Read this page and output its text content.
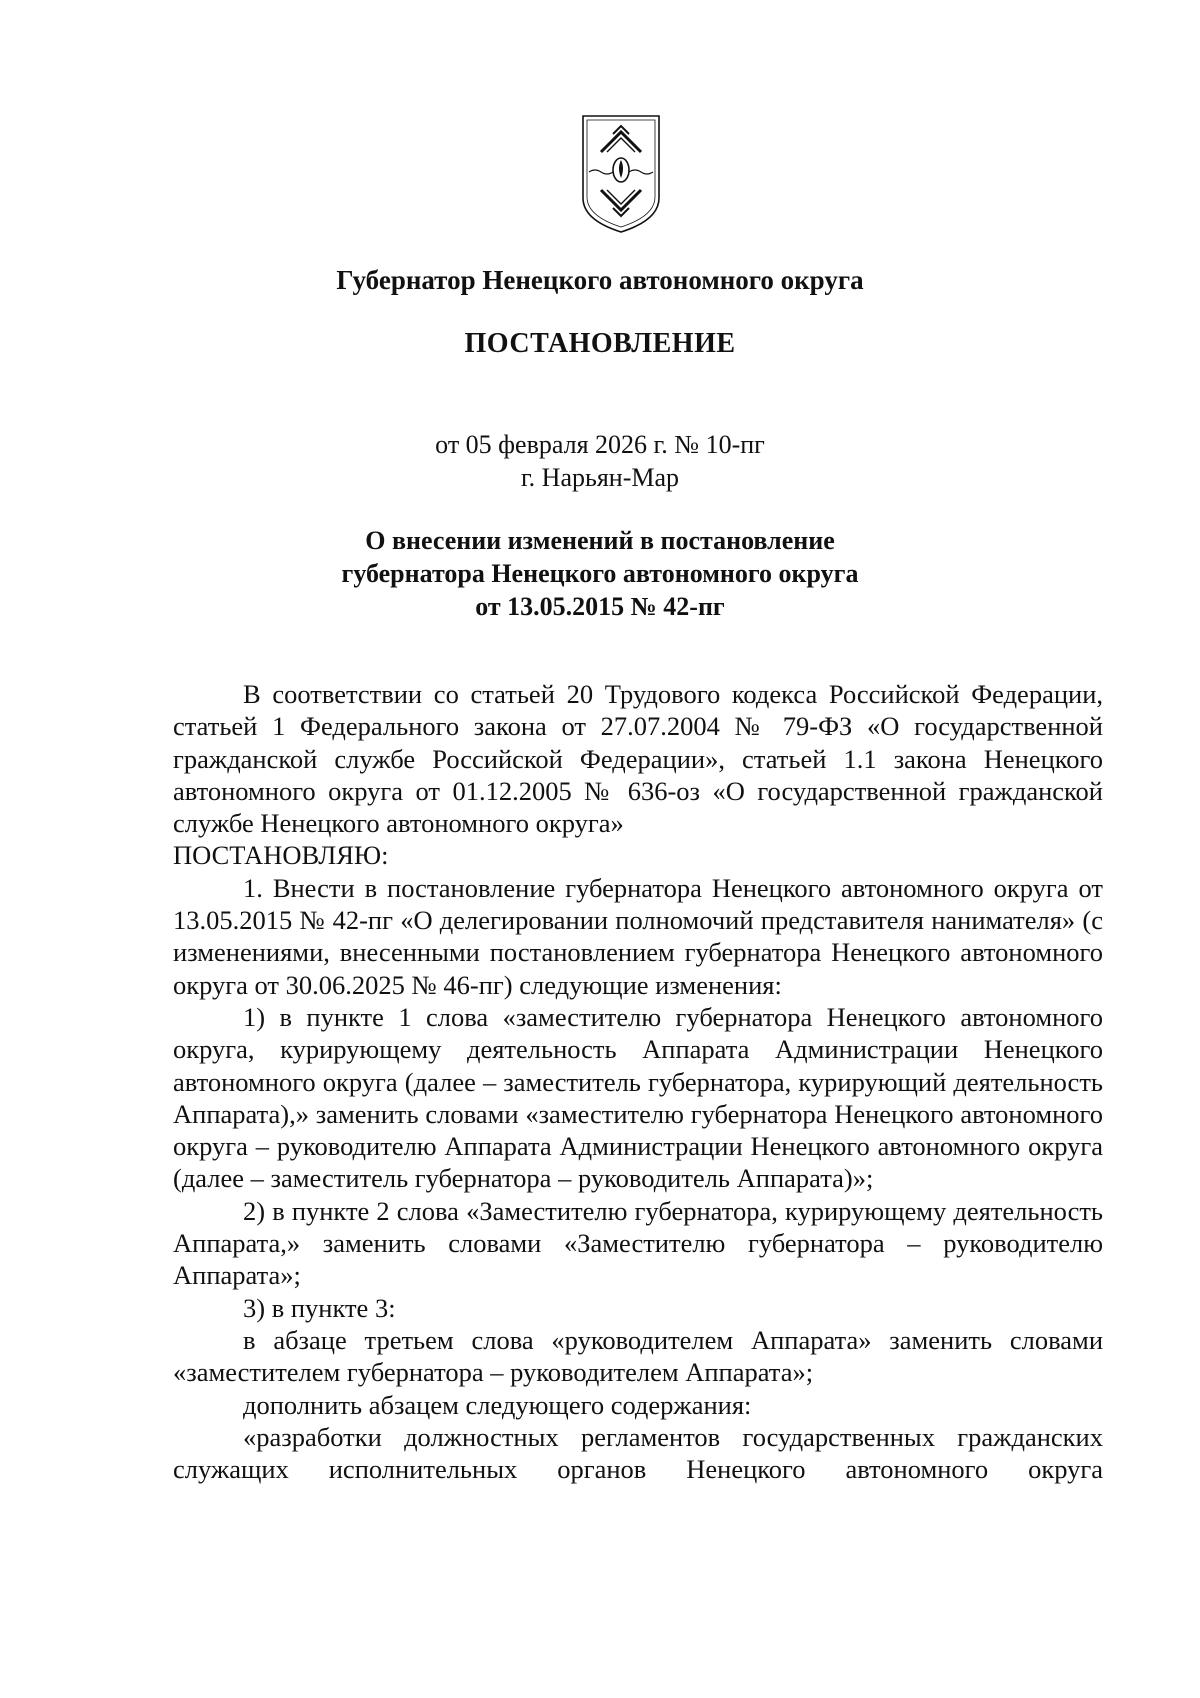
Губернатор Ненецкого автономного округа
ПОСТАНОВЛЕНИЕ
от 05 февраля 2026 г. № 10-пг
г. Нарьян-Мар
О внесении изменений в постановление
губернатора Ненецкого автономного округа
от 13.05.2015 № 42-пг

В соответствии со статьей 20 Трудового кодекса Российской Федерации, статьей 1 Федерального закона от 27.07.2004 № 79-ФЗ «О государственной гражданской службе Российской Федерации», статьей 1.1 закона Ненецкого автономного округа от 01.12.2005 № 636-оз «О государственной гражданской службе Ненецкого автономного округа»

ПОСТАНОВЛЯЮ:

1. Внести в постановление губернатора Ненецкого автономного округа от 13.05.2015 № 42-пг «О делегировании полномочий представителя нанимателя» (с изменениями, внесенными постановлением губернатора Ненецкого автономного округа от 30.06.2025 № 46-пг) следующие изменения:

1) в пункте 1 слова «заместителю губернатора Ненецкого автономного округа, курирующему деятельность Аппарата Администрации Ненецкого автономного округа (далее – заместитель губернатора, курирующий деятельность Аппарата),» заменить словами «заместителю губернатора Ненецкого автономного округа – руководителю Аппарата Администрации Ненецкого автономного округа (далее – заместитель губернатора – руководитель Аппарата)»;

2) в пункте 2 слова «Заместителю губернатора, курирующему деятельность Аппарата,» заменить словами «Заместителю губернатора – руководителю Аппарата»;

3) в пункте 3:

в абзаце третьем слова «руководителем Аппарата» заменить словами «заместителем губернатора – руководителем Аппарата»;

дополнить абзацем следующего содержания:

«разработки должностных регламентов государственных гражданских служащих исполнительных органов Ненецкого автономного округа
